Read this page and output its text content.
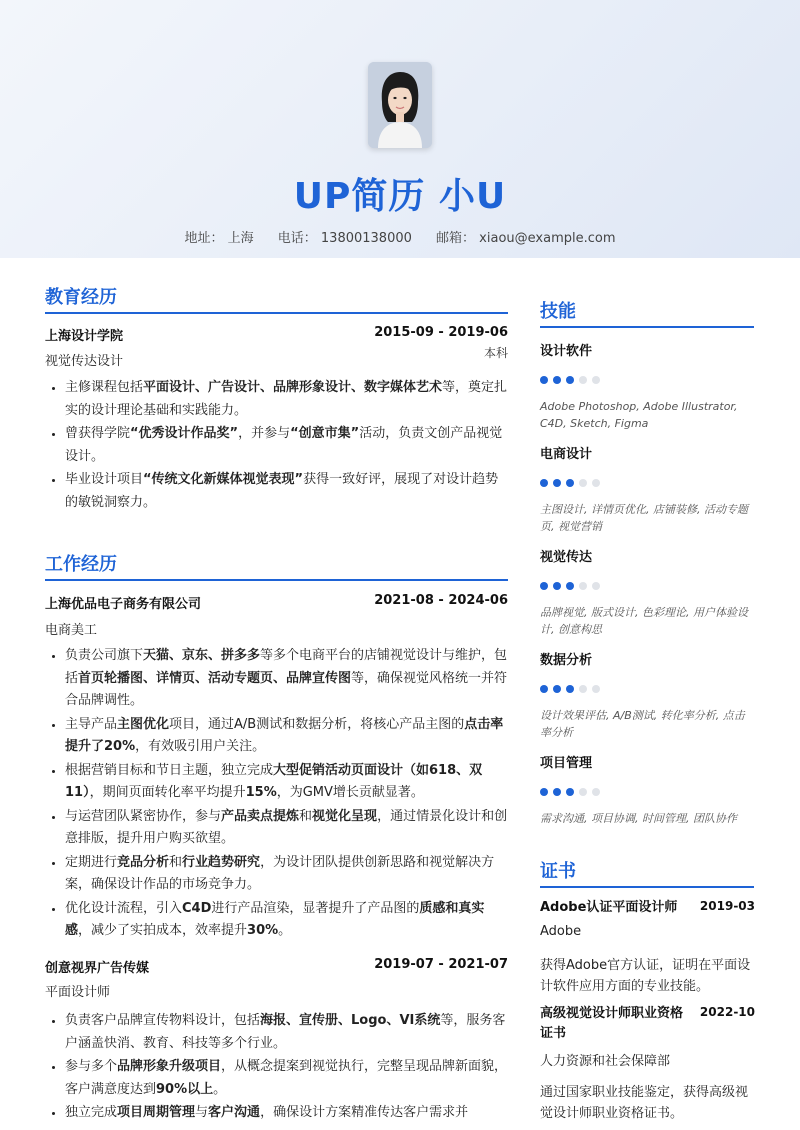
UP简历 小U
地址： 上海 电话： 13800138000 邮箱： xiaou@example.com
教育经历
上海设计学院	2015-09 - 2019-06
视觉传达设计
本科
• 主修课程包括平面设计、广告设计、品牌形象设计、数字媒体艺术等，奠定扎实的设计理论基础和实践能力。
• 曾获得学院“优秀设计作品奖”，并参与“创意市集”活动，负责文创产品视觉设计。
• 毕业设计项目“传统文化新媒体视觉表现”获得一致好评，展现了对设计趋势的敏锐洞察力。
工作经历
上海优品电子商务有限公司	2021-08 - 2024-06
电商美工
• 负责公司旗下天猫、京东、拼多多等多个电商平台的店铺视觉设计与维护，包括首页轮播图、详情页、活动专题页、品牌宣传图等，确保视觉风格统一并符合品牌调性。
• 主导产品主图优化项目，通过A/B测试和数据分析，将核心产品主图的点击率提升了20%，有效吸引用户关注。
• 根据营销目标和节日主题，独立完成大型促销活动页面设计（如618、双11），期间页面转化率平均提升15%，为GMV增长贡献显著。
• 与运营团队紧密协作，参与产品卖点提炼和视觉化呈现，通过情景化设计和创意排版，提升用户购买欲望。
• 定期进行竞品分析和行业趋势研究，为设计团队提供创新思路和视觉解决方案，确保设计作品的市场竞争力。
• 优化设计流程，引入C4D进行产品渲染，显著提升了产品图的质感和真实感，减少了实拍成本，效率提升30%。
创意视界广告传媒	2019-07 - 2021-07
平面设计师
• 负责客户品牌宣传物料设计，包括海报、宣传册、Logo、VI系统等，服务客户涵盖快消、教育、科技等多个行业。
• 参与多个品牌形象升级项目，从概念提案到视觉执行，完整呈现品牌新面貌，客户满意度达到90%以上。
• 独立完成项目周期管理与客户沟通，确保设计方案精准传达客户需求并
技能
设计软件
Adobe Photoshop, Adobe Illustrator, C4D, Sketch, Figma
电商设计
主图设计, 详情页优化, 店铺装修, 活动专题页, 视觉营销
视觉传达
品牌视觉, 版式设计, 色彩理论, 用户体验设计, 创意构思
数据分析
设计效果评估, A/B测试, 转化率分析, 点击率分析
项目管理
需求沟通, 项目协调, 时间管理, 团队协作
证书
Adobe认证平面设计师	2019-03
Adobe
获得Adobe官方认证，证明在平面设计软件应用方面的专业技能。
高级视觉设计师职业资格证书
2022-10
人力资源和社会保障部
通过国家职业技能鉴定，获得高级视觉设计师职业资格证书。
